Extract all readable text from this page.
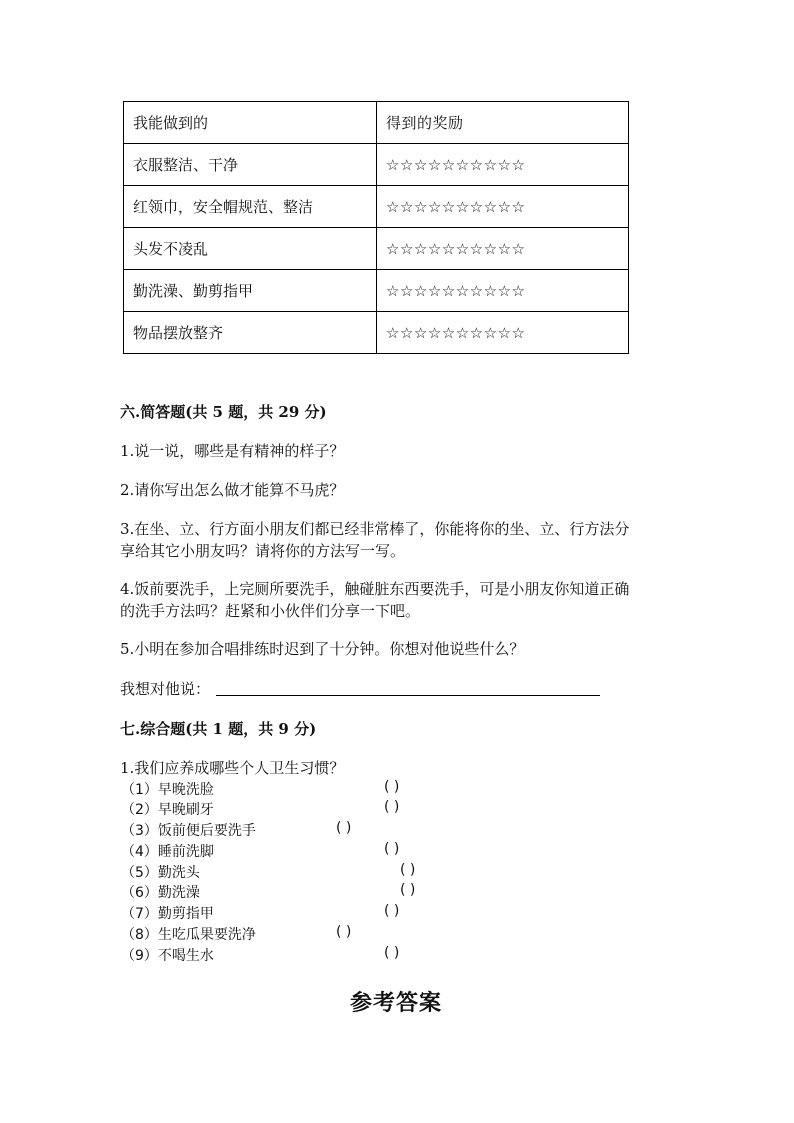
我能做到的	得到的奖励
衣服整洁、干净	☆☆☆☆☆☆☆☆☆☆
红领巾，安全帽规范、整洁	☆☆☆☆☆☆☆☆☆☆
头发不凌乱	☆☆☆☆☆☆☆☆☆☆
勤洗澡、勤剪指甲	☆☆☆☆☆☆☆☆☆☆
物品摆放整齐	☆☆☆☆☆☆☆☆☆☆
六.简答题(共 5 题，共 29 分)
1.说一说，哪些是有精神的样子？
2.请你写出怎么做才能算不马虎？
3.在坐、立、行方面小朋友们都已经非常棒了，你能将你的坐、立、行方法分
享给其它小朋友吗？请将你的方法写一写。
4.饭前要洗手，上完厕所要洗手，触碰脏东西要洗手，可是小朋友你知道正确
的洗手方法吗？赶紧和小伙伴们分享一下吧。
5.小明在参加合唱排练时迟到了十分钟。你想对他说些什么？
我想对他说：
七.综合题(共 1 题，共 9 分)
1.我们应养成哪些个人卫生习惯？
（1）早晚洗脸	( )
（2）早晚刷牙	( )
（3）饭前便后要洗手	( )
（4）睡前洗脚	( )
（5）勤洗头	( )
（6）勤洗澡	( )
（7）勤剪指甲	( )
（8）生吃瓜果要洗净	( )
（9）不喝生水	( )
参考答案
